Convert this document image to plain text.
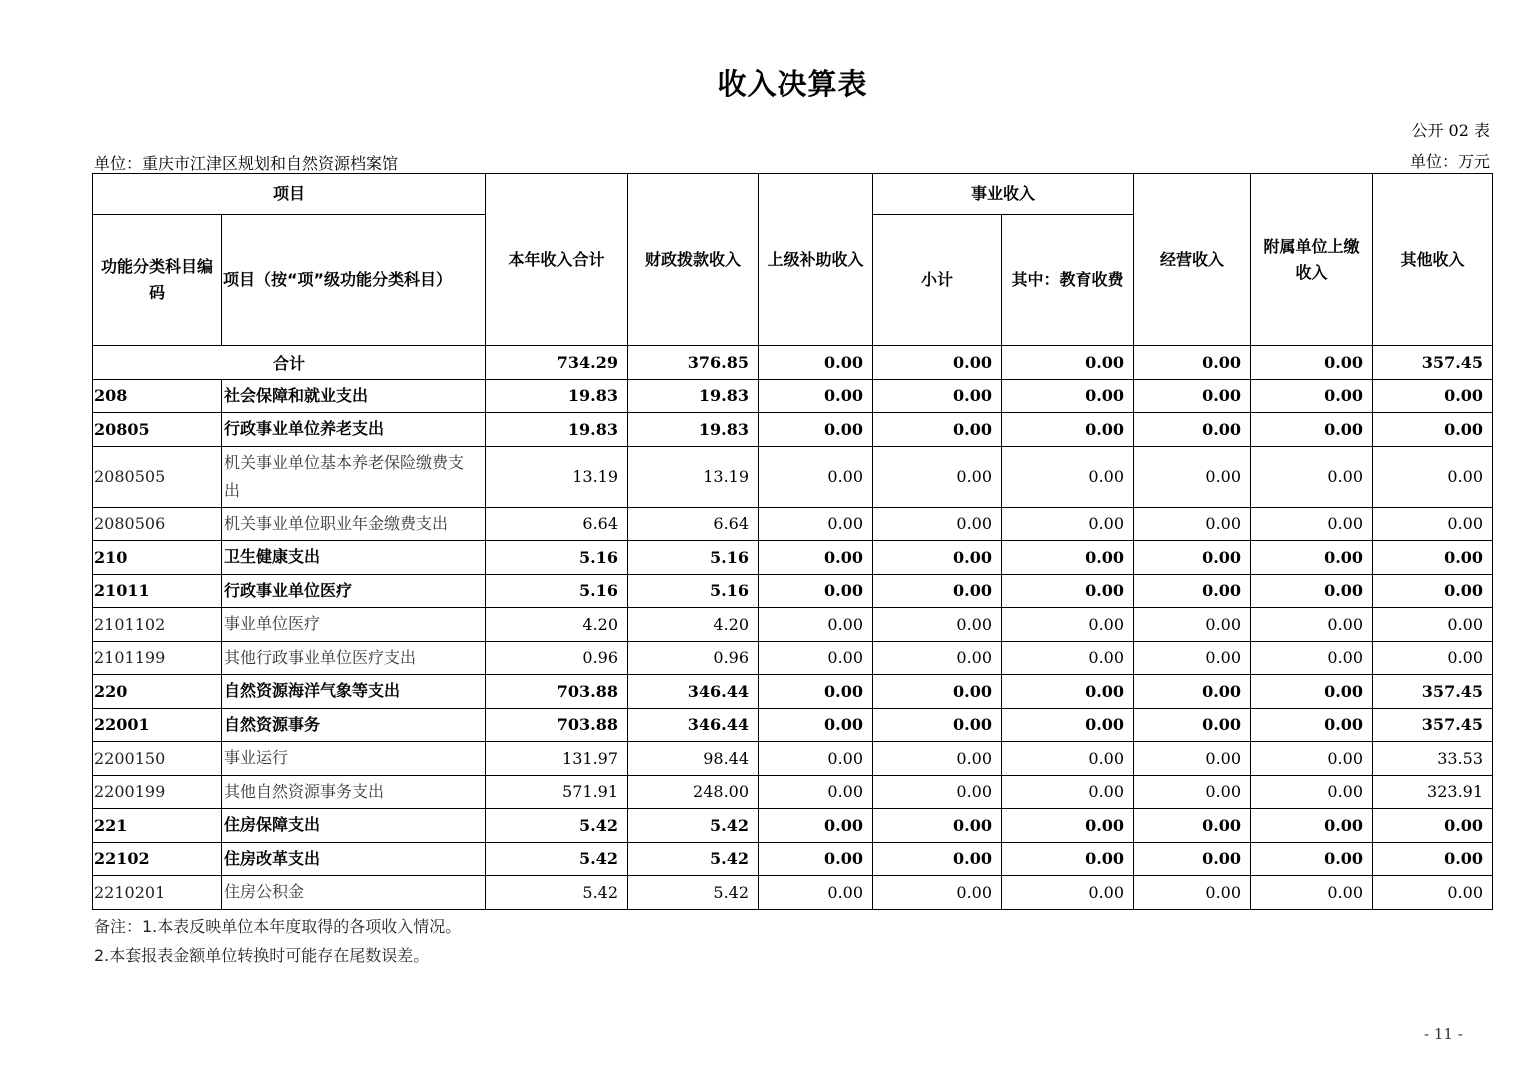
收入决算表
公开 02 表
单位：重庆市江津区规划和自然资源档案馆	单位：万元
项目		本年收入合计	财政拨款收入	上级补助收入	事业收入		经营收入	附属单位上缴收入	其他收入
功能分类科目编码	项目（按“项”级功能分类科目）				小计	其中：教育收费			
合计		734.29	376.85	0.00	0.00	0.00	0.00	0.00	357.45
208	社会保障和就业支出	19.83	19.83	0.00	0.00	0.00	0.00	0.00	0.00
20805	行政事业单位养老支出	19.83	19.83	0.00	0.00	0.00	0.00	0.00	0.00
2080505	机关事业单位基本养老保险缴费支出	13.19	13.19	0.00	0.00	0.00	0.00	0.00	0.00
2080506	机关事业单位职业年金缴费支出	6.64	6.64	0.00	0.00	0.00	0.00	0.00	0.00
210	卫生健康支出	5.16	5.16	0.00	0.00	0.00	0.00	0.00	0.00
21011	行政事业单位医疗	5.16	5.16	0.00	0.00	0.00	0.00	0.00	0.00
2101102	事业单位医疗	4.20	4.20	0.00	0.00	0.00	0.00	0.00	0.00
2101199	其他行政事业单位医疗支出	0.96	0.96	0.00	0.00	0.00	0.00	0.00	0.00
220	自然资源海洋气象等支出	703.88	346.44	0.00	0.00	0.00	0.00	0.00	357.45
22001	自然资源事务	703.88	346.44	0.00	0.00	0.00	0.00	0.00	357.45
2200150	事业运行	131.97	98.44	0.00	0.00	0.00	0.00	0.00	33.53
2200199	其他自然资源事务支出	571.91	248.00	0.00	0.00	0.00	0.00	0.00	323.91
221	住房保障支出	5.42	5.42	0.00	0.00	0.00	0.00	0.00	0.00
22102	住房改革支出	5.42	5.42	0.00	0.00	0.00	0.00	0.00	0.00
2210201	住房公积金	5.42	5.42	0.00	0.00	0.00	0.00	0.00	0.00
备注：1.本表反映单位本年度取得的各项收入情况。
2.本套报表金额单位转换时可能存在尾数误差。
- 11 -
